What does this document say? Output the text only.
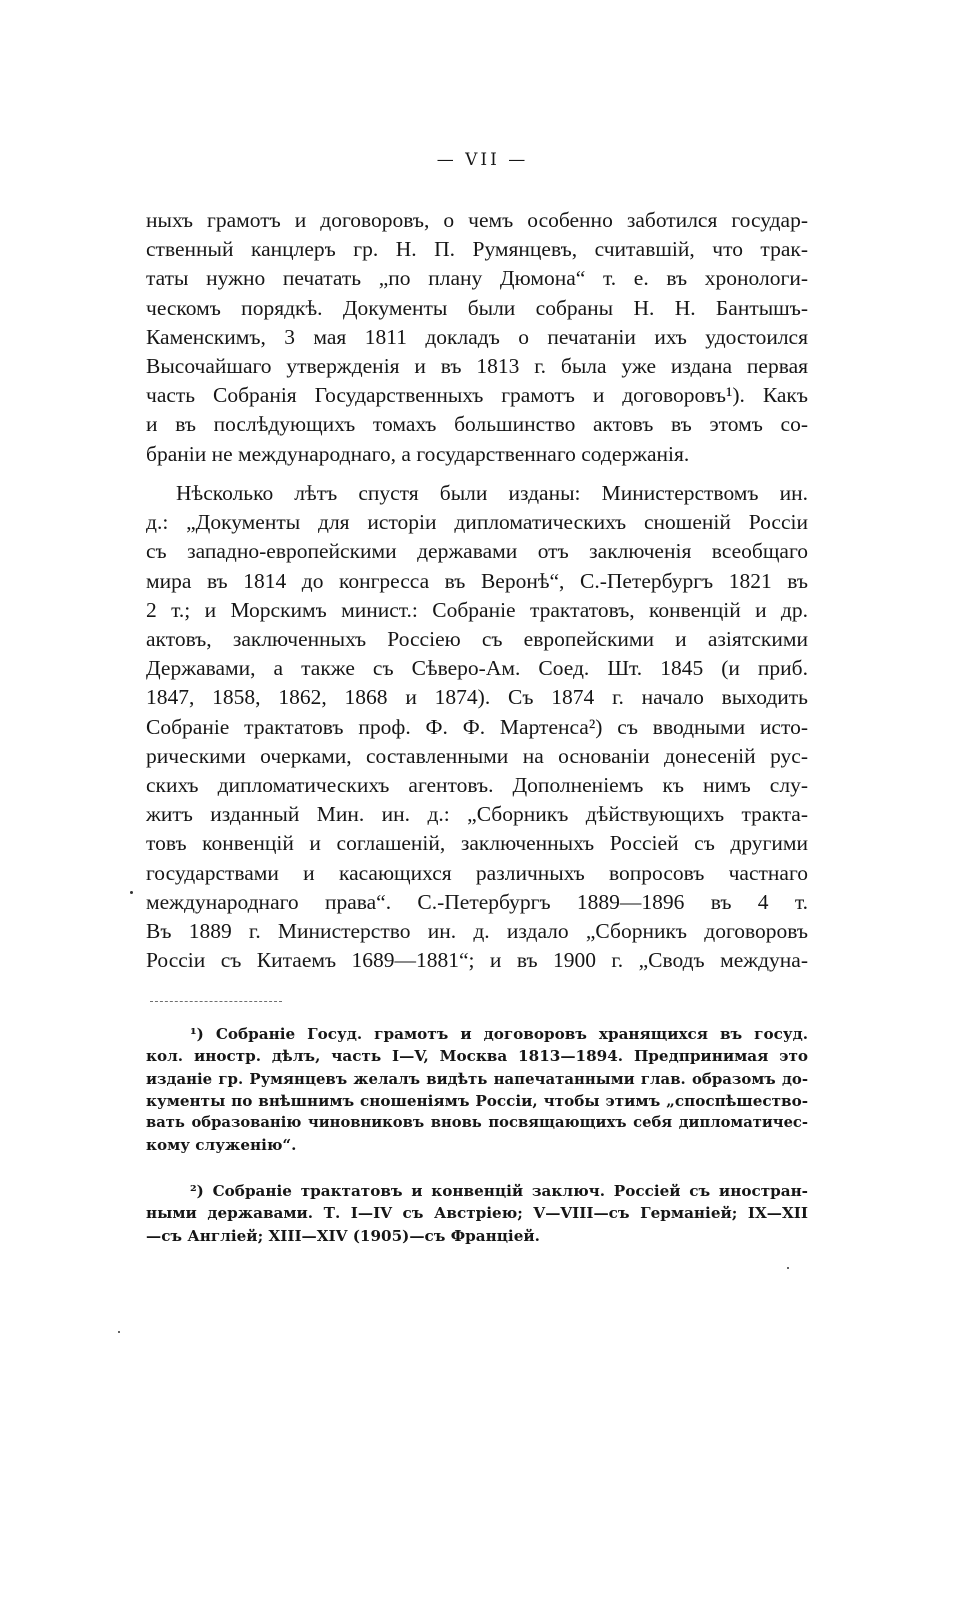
— VII —
ныхъ грамотъ и договоровъ, о чемъ особенно заботился государ-
ственный канцлеръ гр. Н. П. Румянцевъ, считавшій, что трак-
таты нужно печатать „по плану Дюмона“ т. е. въ хронологи-
ческомъ порядкѣ. Документы были собраны Н. Н. Бантышъ-
Каменскимъ, 3 мая 1811 докладъ о печатаніи ихъ удостоился
Высочайшаго утвержденія и въ 1813 г. была уже издана первая
часть Собранія Государственныхъ грамотъ и договоровъ¹). Какъ
и въ послѣдующихъ томахъ большинство актовъ въ этомъ со-
браніи не международнаго, а государственнаго содержанія.
Нѣсколько лѣтъ спустя были изданы: Министерствомъ ин.
д.: „Документы для исторіи дипломатическихъ сношеній Россіи
съ западно-европейскими державами отъ заключенія всеобщаго
мира въ 1814 до конгресса въ Веронѣ“, С.-Петербургъ 1821 въ
2 т.; и Морскимъ минист.: Собраніе трактатовъ, конвенцій и др.
актовъ, заключенныхъ Россіею съ европейскими и азіятскими
Державами, а также съ Сѣверо-Ам. Соед. Шт. 1845 (и приб.
1847, 1858, 1862, 1868 и 1874). Съ 1874 г. начало выходить
Собраніе трактатовъ проф. Ф. Ф. Мартенса²) съ вводными исто-
рическими очерками, составленными на основаніи донесеній рус-
скихъ дипломатическихъ агентовъ. Дополненіемъ къ нимъ слу-
житъ изданный Мин. ин. д.: „Сборникъ дѣйствующихъ тракта-
товъ конвенцій и соглашеній, заключенныхъ Россіей съ другими
государствами и касающихся различныхъ вопросовъ частнаго
международнаго права“. С.-Петербургъ 1889—1896 въ 4 т.
Въ 1889 г. Министерство ин. д. издало „Сборникъ договоровъ
Россіи съ Китаемъ 1689—1881“; и въ 1900 г. „Сводъ междуна-
¹) Собраніе Госуд. грамотъ и договоровъ хранящихся въ госуд.
кол. иностр. дѣлъ, часть I—V, Москва 1813—1894. Предпринимая это
изданіе гр. Румянцевъ желалъ видѣть напечатанными глав. образомъ до-
кументы по внѣшнимъ сношеніямъ Россіи, чтобы этимъ „споспѣшество-
вать образованію чиновниковъ вновь посвящающихъ себя дипломатичес-
кому служенію“.
²) Собраніе трактатовъ и конвенцій заключ. Россіей съ иностран-
ными державами. Т. I—IV съ Австріею; V—VIII—съ Германіей; IX—XII
—съ Англіей; XIII—XIV (1905)—съ Франціей.
